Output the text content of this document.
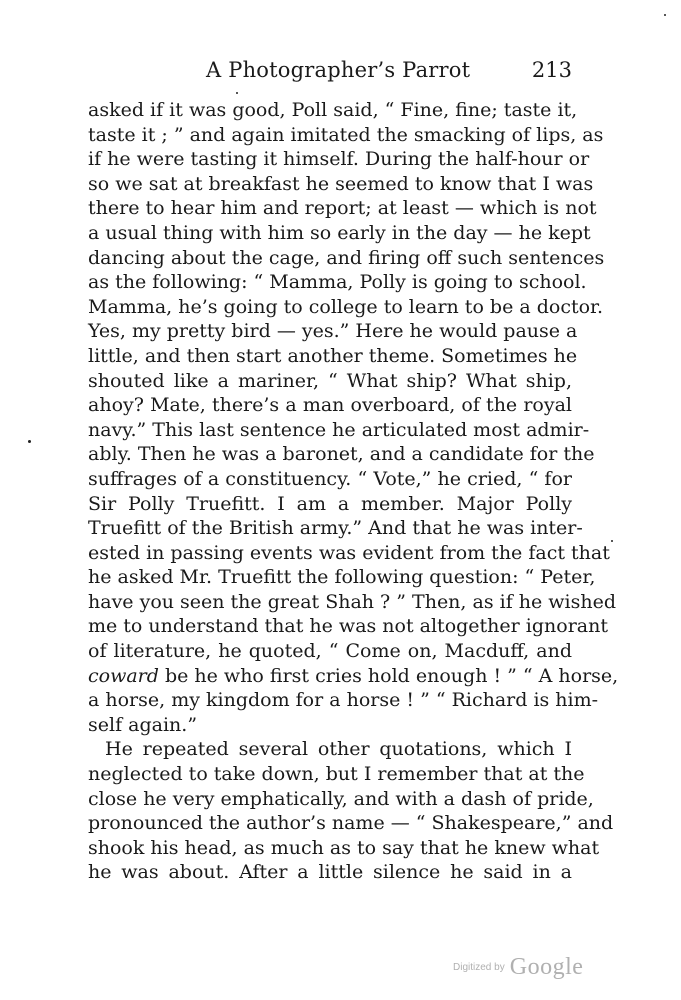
A Photographer’s Parrot	213
asked if it was good, Poll said, “ Fine, fine; taste it,
taste it ; ” and again imitated the smacking of lips, as
if he were tasting it himself. During the half-hour or
so we sat at breakfast he seemed to know that I was
there to hear him and report; at least — which is not
a usual thing with him so early in the day — he kept
dancing about the cage, and firing off such sentences
as the following: “ Mamma, Polly is going to school.
Mamma, he’s going to college to learn to be a doctor.
Yes, my pretty bird — yes.” Here he would pause a
little, and then start another theme. Sometimes he
shouted like a mariner, “ What ship? What ship,
ahoy? Mate, there’s a man overboard, of the royal
navy.” This last sentence he articulated most admir-
ably. Then he was a baronet, and a candidate for the
suffrages of a constituency. “ Vote,” he cried, “ for
Sir Polly Truefitt. I am a member. Major Polly
Truefitt of the British army.” And that he was inter-
ested in passing events was evident from the fact that
he asked Mr. Truefitt the following question: “ Peter,
have you seen the great Shah ? ” Then, as if he wished
me to understand that he was not altogether ignorant
of literature, he quoted, “ Come on, Macduff, and
coward be he who first cries hold enough ! ” “ A horse,
a horse, my kingdom for a horse ! ” “ Richard is him-
self again.”
He repeated several other quotations, which I
neglected to take down, but I remember that at the
close he very emphatically, and with a dash of pride,
pronounced the author’s name — “ Shakespeare,” and
shook his head, as much as to say that he knew what
he was about. After a little silence he said in a
Digitized by Google
